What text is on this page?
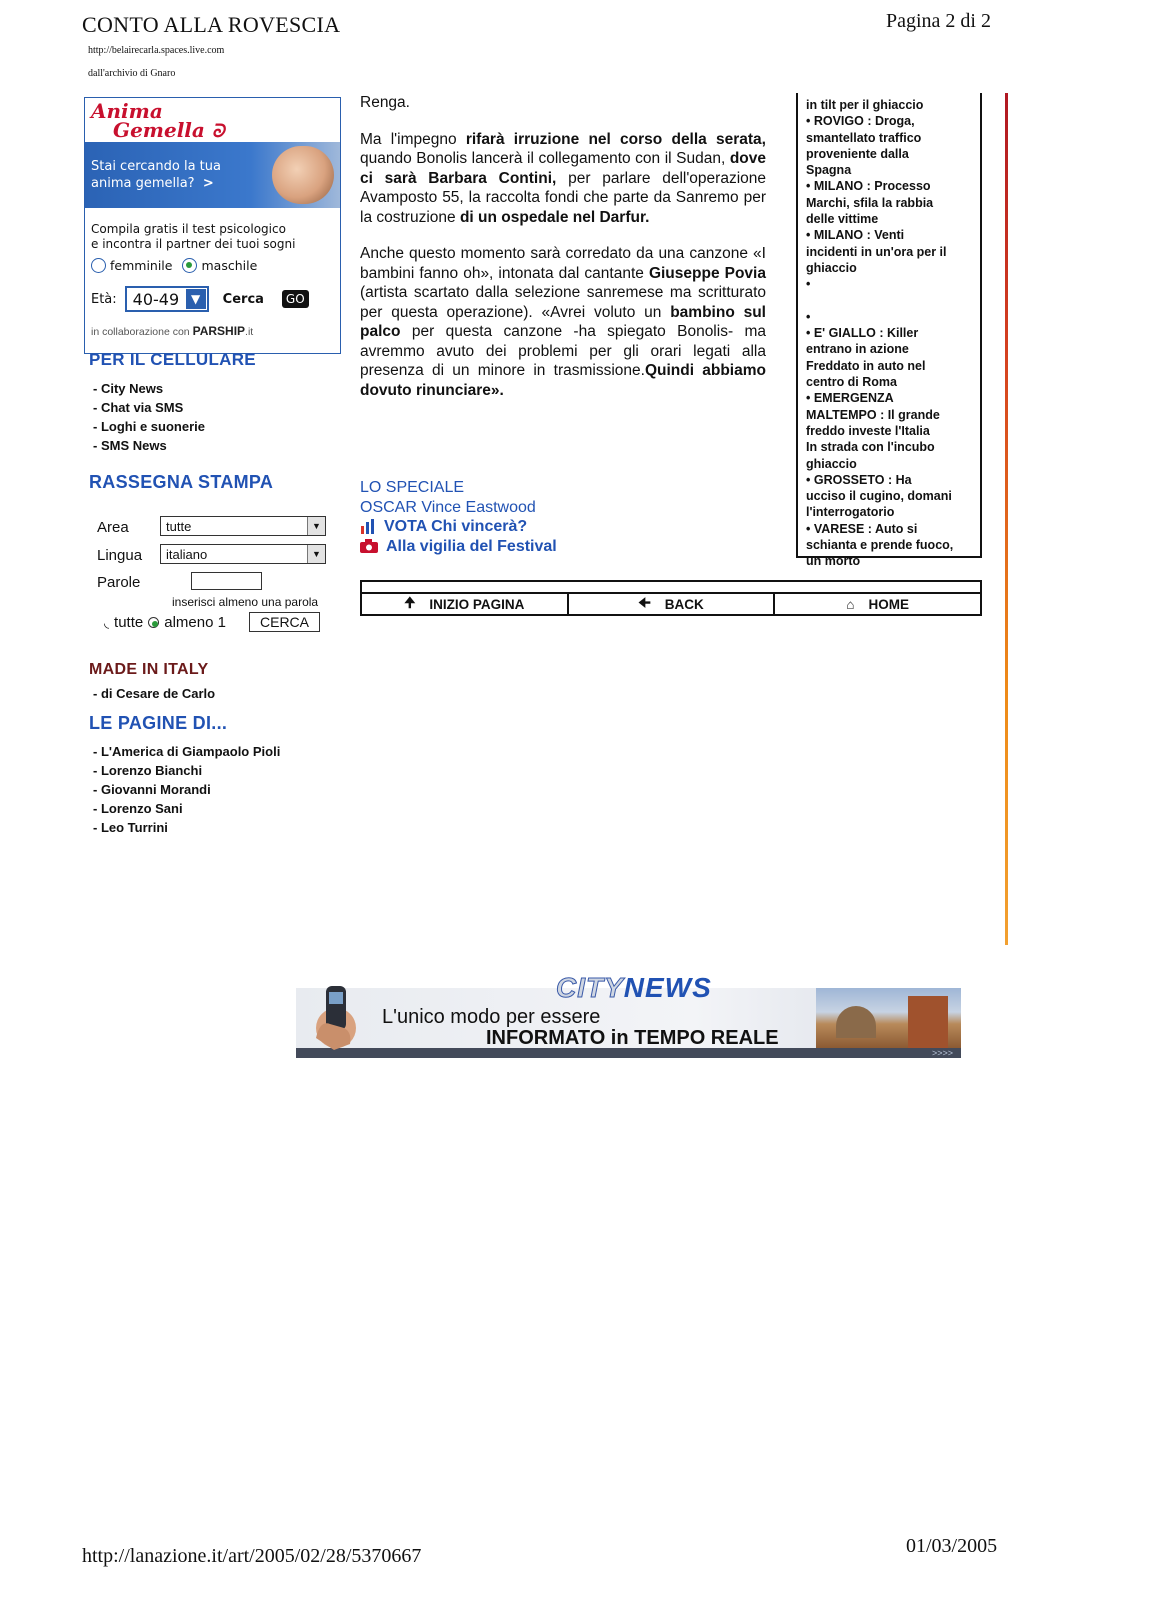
CONTO ALLA ROVESCIA	Pagina 2 di 2
http://belairecarla.spaces.live.com
dall'archivio di Gnaro
Anima
Gemella ᘐ
Stai cercando la tua
anima gemella? >
Compila gratis il test psicologico
e incontra il partner dei tuoi sogni
femminile maschile
Età: 40-49 ▼	Cerca	GO
in collaborazione con PARSHIP.it
PER IL CELLULARE
- City News
- Chat via SMS
- Loghi e suonerie
- SMS News
RASSEGNA STAMPA
Area	tutte	▼
Lingua italiano	▼
Parole
inserisci almeno una parola
◟ tutte almeno 1	CERCA
MADE IN ITALY
- di Cesare de Carlo
LE PAGINE DI...
- L'America di Giampaolo Pioli
- Lorenzo Bianchi
- Giovanni Morandi
- Lorenzo Sani
- Leo Turrini

Renga.

Ma l'impegno rifarà irruzione nel corso della serata, quando Bonolis lancerà il collegamento con il Sudan, dove ci sarà Barbara Contini, per parlare dell'operazione Avamposto 55, la raccolta fondi che parte da Sanremo per la costruzione di un ospedale nel Darfur.

Anche questo momento sarà corredato da una canzone «I bambini fanno oh», intonata dal cantante Giuseppe Povia (artista scartato dalla selezione sanremese ma scritturato per questa operazione). «Avrei voluto un bambino sul palco per questa canzone -ha spiegato Bonolis- ma avremmo avuto dei problemi per gli orari legati alla presenza di un minore in trasmissione.Quindi abbiamo dovuto rinunciare».

LO SPECIALE
OSCAR Vince Eastwood
VOTA Chi vincerà?
Alla vigilia del Festival
in tilt per il ghiaccio
• ROVIGO : Droga,
smantellato traffico
proveniente dalla
Spagna
• MILANO : Processo
Marchi, sfila la rabbia
delle vittime
• MILANO : Venti
incidenti in un'ora per il
ghiaccio
•

•
• E' GIALLO : Killer
entrano in azione
Freddato in auto nel
centro di Roma
• EMERGENZA
MALTEMPO : Il grande
freddo investe l'Italia
In strada con l'incubo
ghiaccio
• GROSSETO : Ha
ucciso il cugino, domani
l'interrogatorio
• VARESE : Auto si
schianta e prende fuoco,
un morto
🠉 INIZIO PAGINA	🠈 BACK	⌂ HOME
>>>>
CITYNEWS
L'unico modo per essere
INFORMATO in TEMPO REALE
http://lanazione.it/art/2005/02/28/5370667	01/03/2005
